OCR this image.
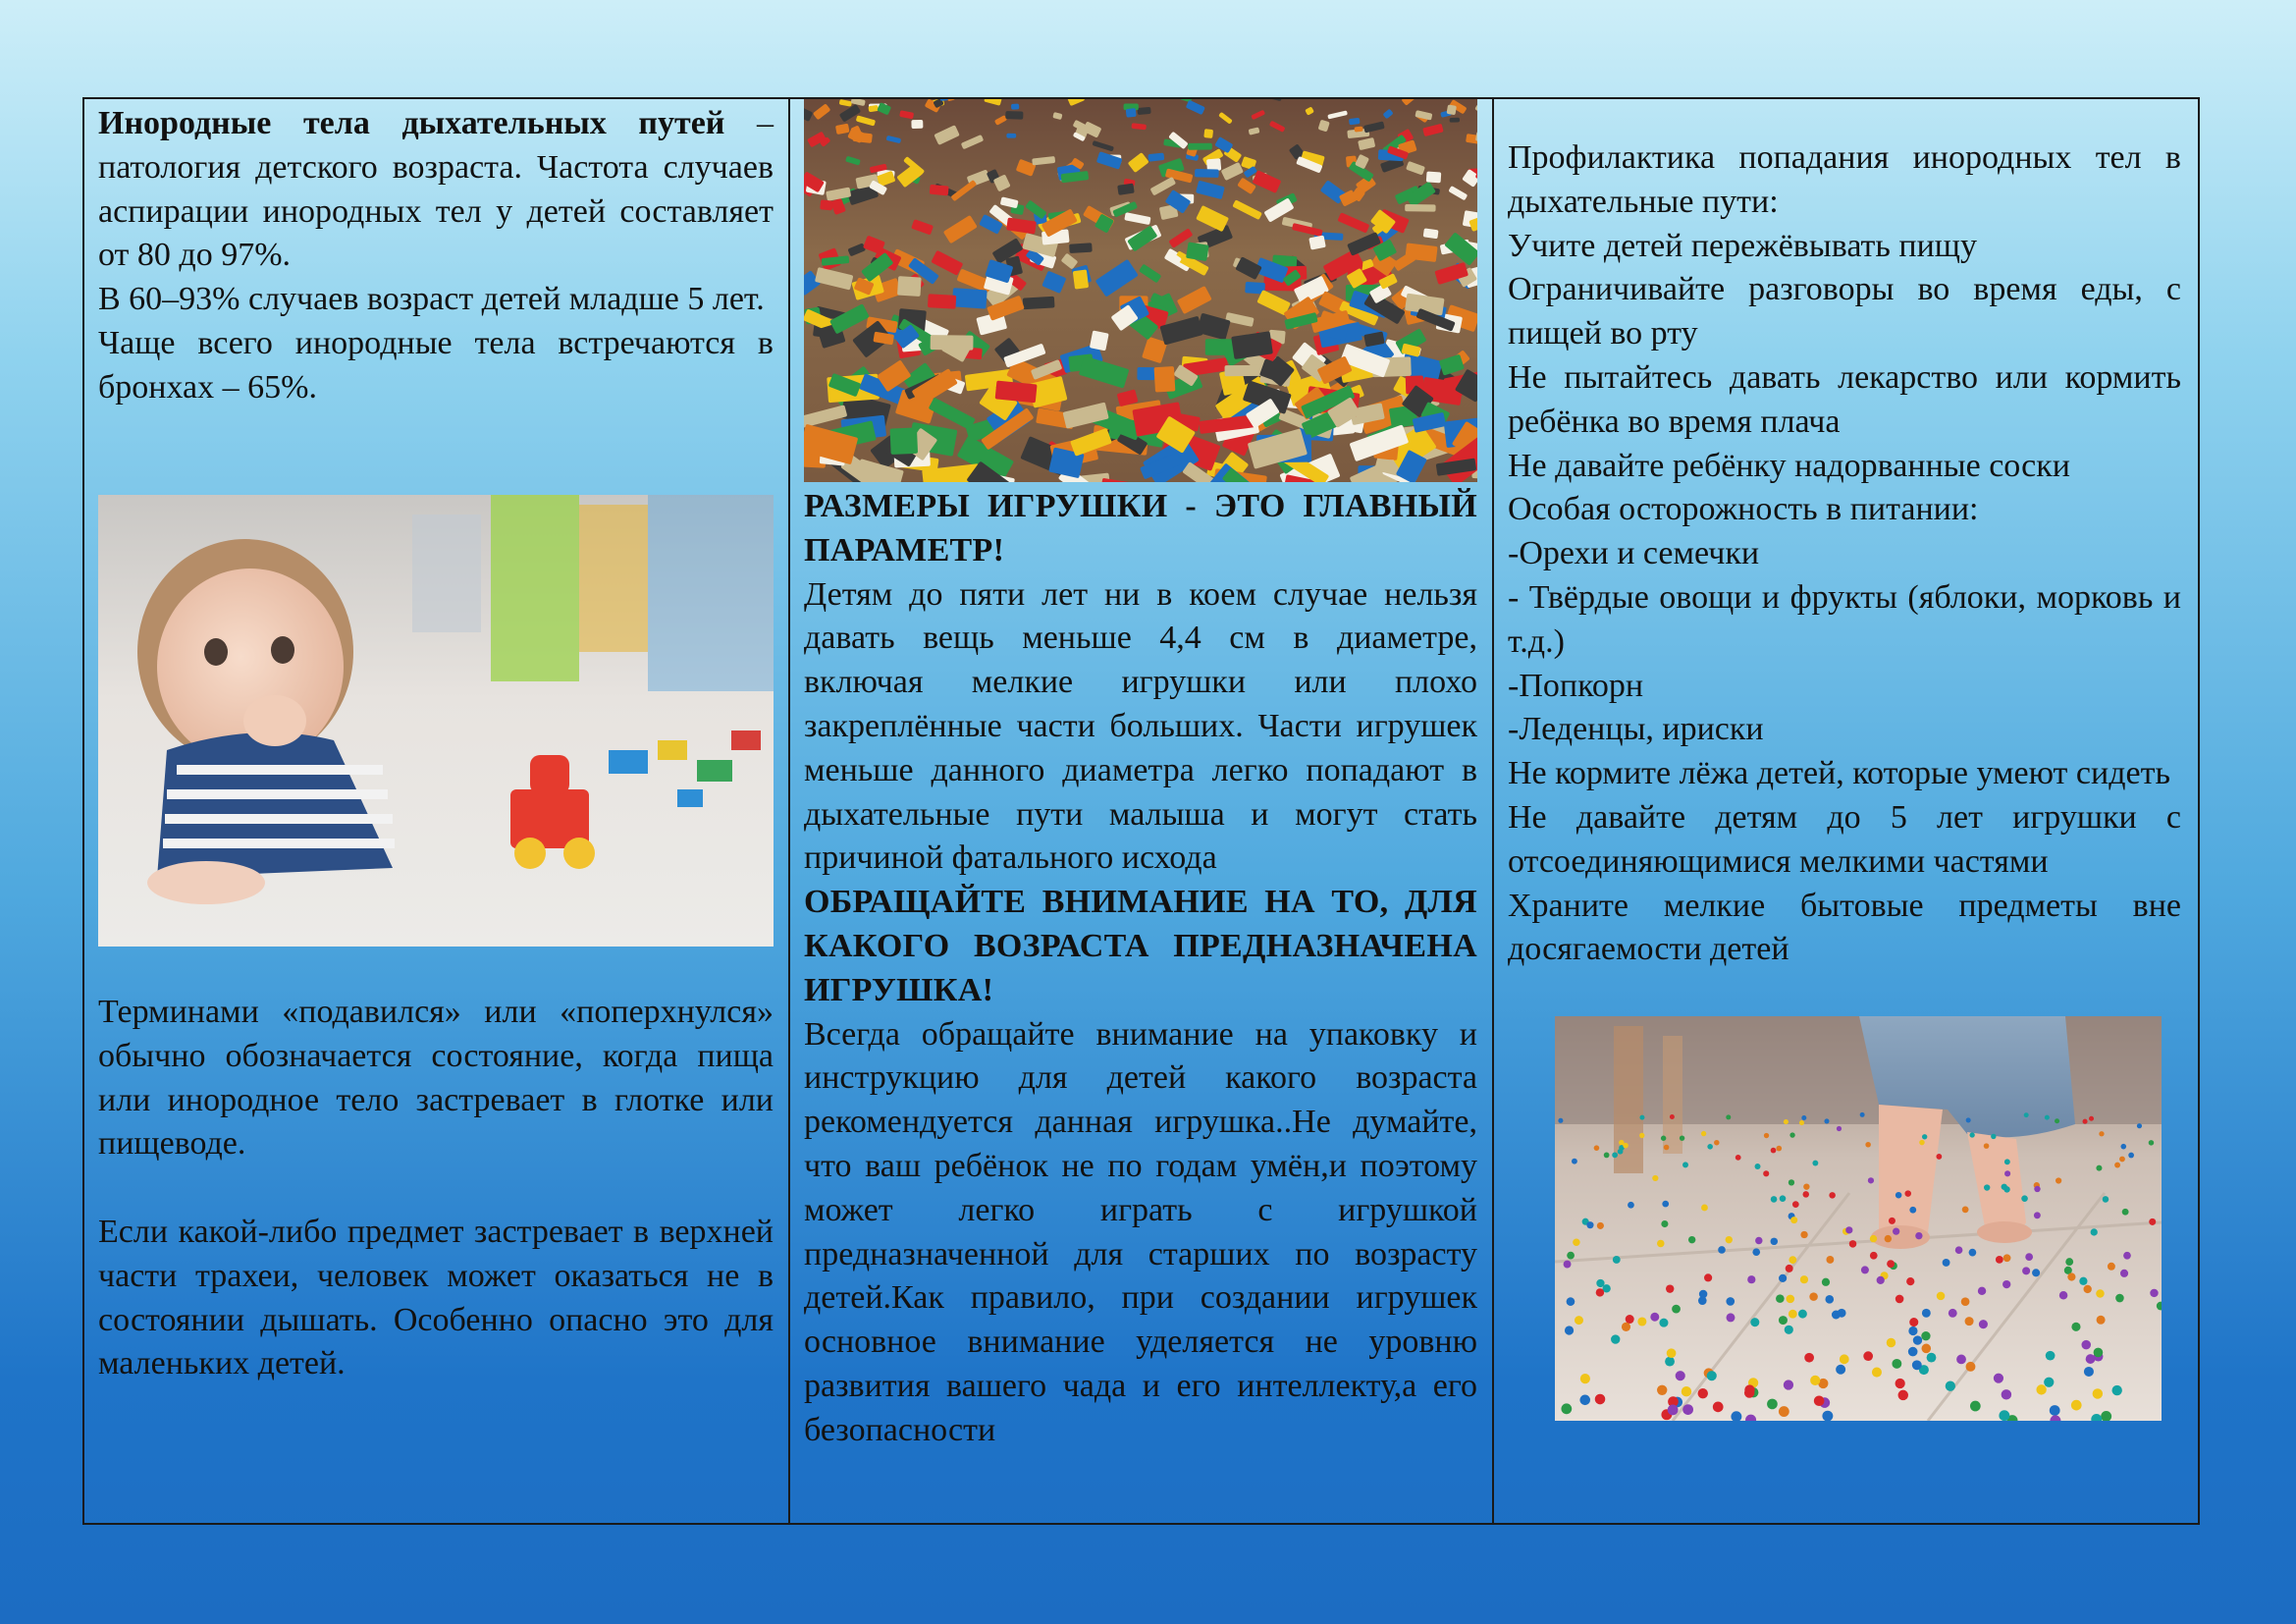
Инородные тела дыхательных путей – патология детского возраста. Частота случаев аспирации инородных тел у детей составляет от 80 до 97%.

В 60–93% случаев возраст детей младше 5 лет.

Чаще всего инородные тела встречаются в бронхах – 65%.

Терминами «подавился» или «поперхнулся» обычно обозначается состояние, когда пища или инородное тело застревает в глотке или пищеводе.

Если какой-либо предмет застревает в верхней части трахеи, человек может оказаться не в состоянии дышать. Особенно опасно это для маленьких детей.

РАЗМЕРЫ ИГРУШКИ - ЭТО ГЛАВНЫЙ ПАРАМЕТР!

Детям до пяти лет ни в коем случае нельзя давать вещь меньше 4,4 см в диаметре, включая мелкие игрушки или плохо закреплённые части больших. Части игрушек меньше данного диаметра легко попадают в дыхательные пути малыша и могут стать причиной фатального исхода

ОБРАЩАЙТЕ ВНИМАНИЕ НА ТО, ДЛЯ КАКОГО ВОЗРАСТА ПРЕДНАЗНАЧЕНА ИГРУШКА!

Всегда обращайте внимание на упаковку и инструкцию для детей какого возраста рекомендуется данная игрушка..Не думайте, что ваш ребёнок не по годам умён,и поэтому может легко играть с игрушкой предназначенной для старших по возрасту детей.Как правило, при создании игрушек основное внимание уделяется не уровню развития вашего чада и его интеллекту,а его безопасности

Профилактика попадания инородных тел в дыхательные пути:

Учите детей пережёвывать пищу

Ограничивайте разговоры во время еды, с пищей во рту

Не пытайтесь давать лекарство или кормить ребёнка во время плача

Не давайте ребёнку надорванные соски

Особая осторожность в питании:

-Орехи и семечки

- Твёрдые овощи и фрукты (яблоки, морковь и т.д.)

-Попкорн

-Леденцы, ириски

Не кормите лёжа детей, которые умеют сидеть

Не давайте детям до 5 лет игрушки с отсоединяющимися мелкими частями

Храните мелкие бытовые предметы вне досягаемости детей
